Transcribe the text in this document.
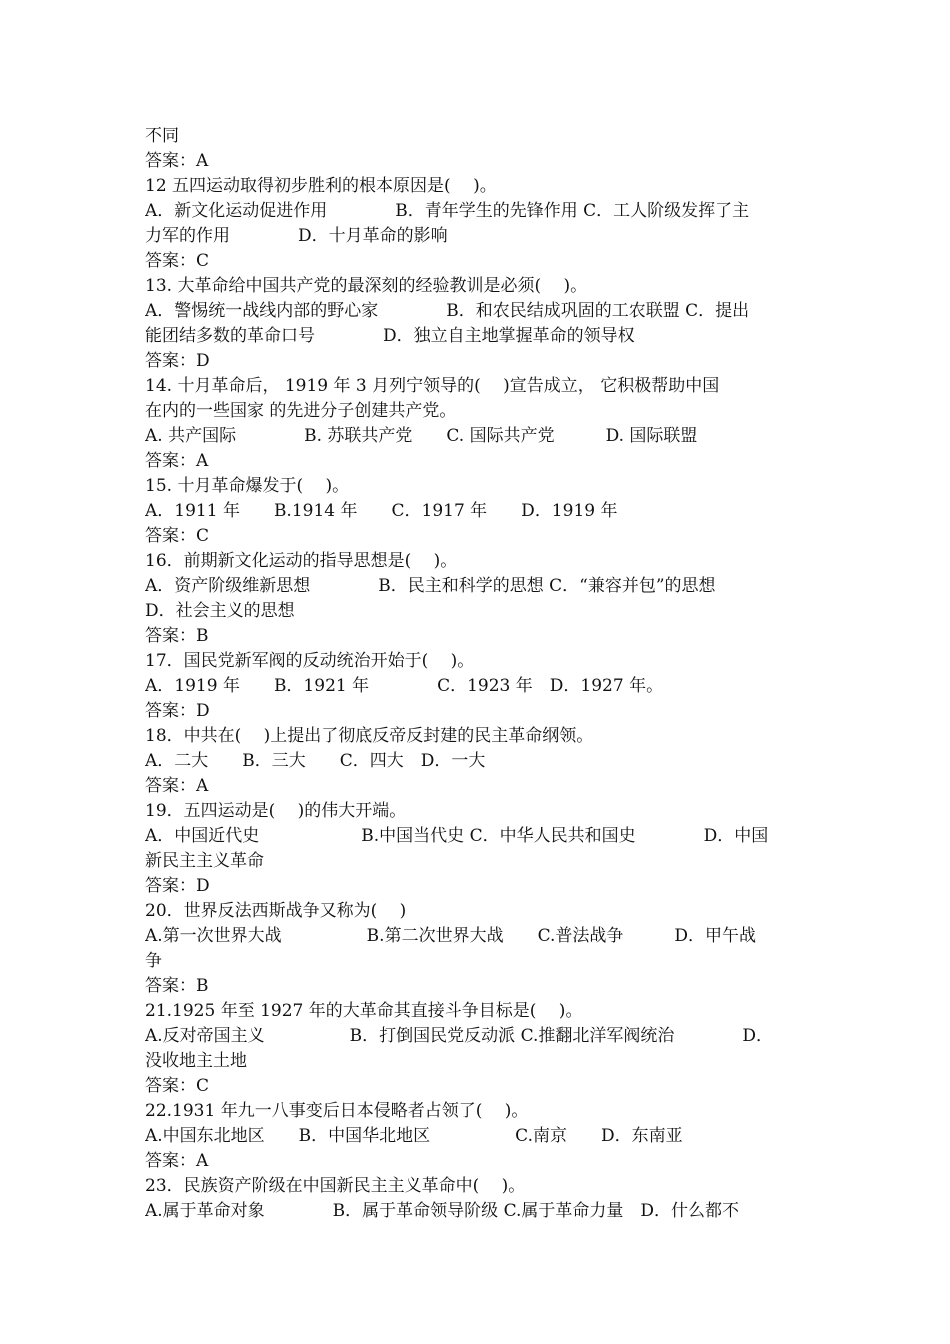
不同
答案：A
12 五四运动取得初步胜利的根本原因是(　 )。
A．新文化运动促进作用　　　　B．青年学生的先锋作用 C．工人阶级发挥了主
力军的作用　　　　D．十月革命的影响
答案：C
13. 大革命给中国共产党的最深刻的经验教训是必须(　 )。
A．警惕统一战线内部的野心家　　　　B．和农民结成巩固的工农联盟 C．提出
能团结多数的革命口号　　　　D．独立自主地掌握革命的领导权
答案：D
14. 十月革命后， 1919 年 3 月列宁领导的(　 )宣告成立， 它积极帮助中国
在内的一些国家 的先进分子创建共产党。
A. 共产国际　　　　B. 苏联共产党　　C. 国际共产党　　　D. 国际联盟
答案：A
15. 十月革命爆发于(　 )。
A．1911 年　　B.1914 年　　C．1917 年　　D．1919 年
答案：C
16．前期新文化运动的指导思想是(　 )。
A．资产阶级维新思想　　　　B．民主和科学的思想 C．“兼容并包”的思想
D．社会主义的思想
答案：B
17．国民党新军阀的反动统治开始于(　 )。
A．1919 年　　B．1921 年　　　　C．1923 年　D．1927 年。
答案：D
18．中共在(　 )上提出了彻底反帝反封建的民主革命纲领。
A．二大　　B．三大　　C．四大　D．一大
答案：A
19．五四运动是(　 )的伟大开端。
A．中国近代史　　　　　　B.中国当代史 C．中华人民共和国史　　　　D．中国
新民主主义革命
答案：D
20．世界反法西斯战争又称为(　 )
A.第一次世界大战　　　　　B.第二次世界大战　　C.普法战争　　　D．甲午战
争
答案：B
21.1925 年至 1927 年的大革命其直接斗争目标是(　 )。
A.反对帝国主义　　　　　B．打倒国民党反动派 C.推翻北洋军阀统治　　　　D．
没收地主土地
答案：C
22.1931 年九一八事变后日本侵略者占领了(　 )。
A.中国东北地区　　B．中国华北地区　　　　　C.南京　　D．东南亚
答案：A
23．民族资产阶级在中国新民主主义革命中(　 )。
A.属于革命对象　　　　B．属于革命领导阶级 C.属于革命力量　D．什么都不
